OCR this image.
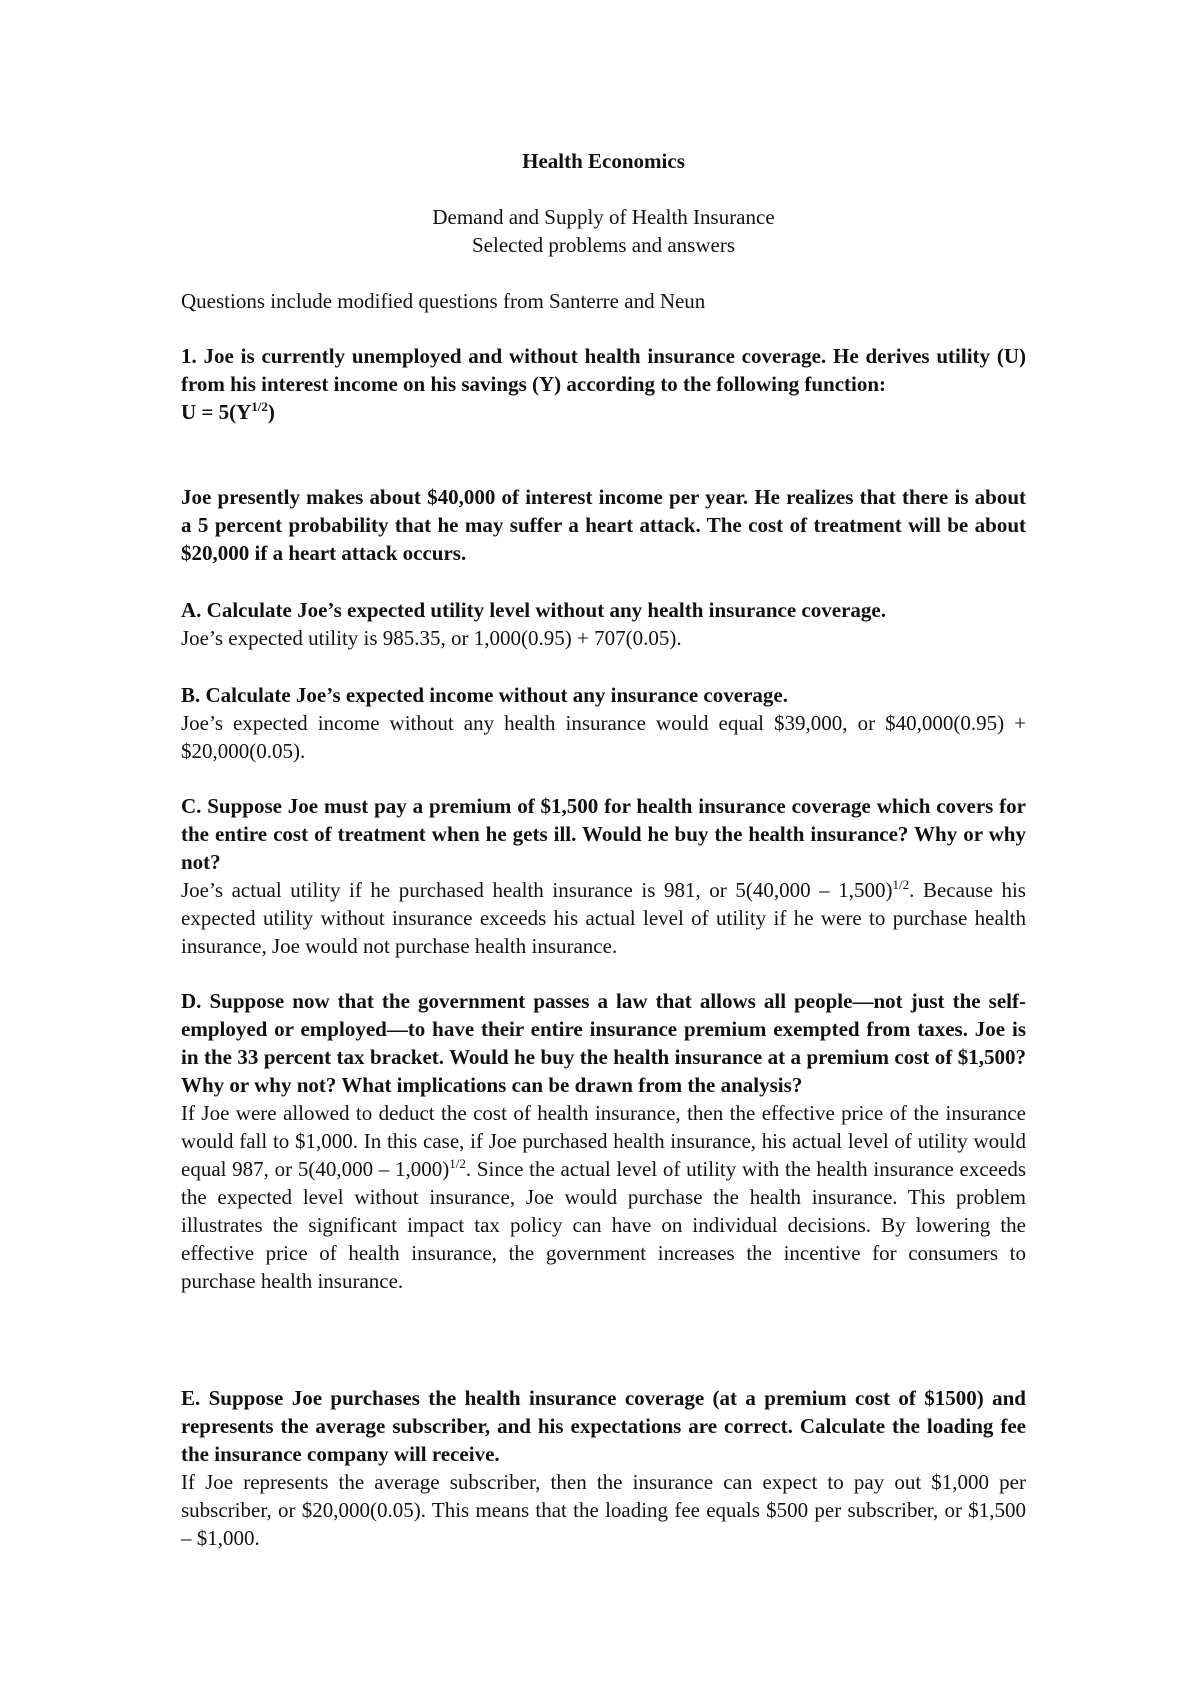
Health Economics
Demand and Supply of Health Insurance
Selected problems and answers
Questions include modified questions from Santerre and Neun

1. Joe is currently unemployed and without health insurance coverage. He derives utility (U) from his interest income on his savings (Y) according to the following function:

$U = 5(Y^{1/2})$

Joe presently makes about $40,000 of interest income per year. He realizes that there is about a 5 percent probability that he may suffer a heart attack. The cost of treatment will be about $20,000 if a heart attack occurs.

A. Calculate Joe’s expected utility level without any health insurance coverage.

Joe’s expected utility is 985.35, or 1,000(0.95) + 707(0.05).

B. Calculate Joe’s expected income without any insurance coverage.

Joe’s expected income without any health insurance would equal $39,000, or $40,000(0.95) + $20,000(0.05).

C. Suppose Joe must pay a premium of $1,500 for health insurance coverage which covers for the entire cost of treatment when he gets ill. Would he buy the health insurance? Why or why not?

Joe’s actual utility if he purchased health insurance is 981, or 5(40,000 – 1,500)$^{1/2}$. Because his expected utility without insurance exceeds his actual level of utility if he were to purchase health insurance, Joe would not purchase health insurance.

D. Suppose now that the government passes a law that allows all people—not just the self-employed or employed—to have their entire insurance premium exempted from taxes. Joe is in the 33 percent tax bracket. Would he buy the health insurance at a premium cost of $1,500? Why or why not? What implications can be drawn from the analysis?

If Joe were allowed to deduct the cost of health insurance, then the effective price of the insurance would fall to $1,000. In this case, if Joe purchased health insurance, his actual level of utility would equal 987, or 5(40,000 – 1,000)$^{1/2}$. Since the actual level of utility with the health insurance exceeds the expected level without insurance, Joe would purchase the health insurance. This problem illustrates the significant impact tax policy can have on individual decisions. By lowering the effective price of health insurance, the government increases the incentive for consumers to purchase health insurance.

E. Suppose Joe purchases the health insurance coverage (at a premium cost of $1500) and represents the average subscriber, and his expectations are correct. Calculate the loading fee the insurance company will receive.

If Joe represents the average subscriber, then the insurance can expect to pay out $1,000 per subscriber, or $20,000(0.05). This means that the loading fee equals $500 per subscriber, or $1,500 – $1,000.
